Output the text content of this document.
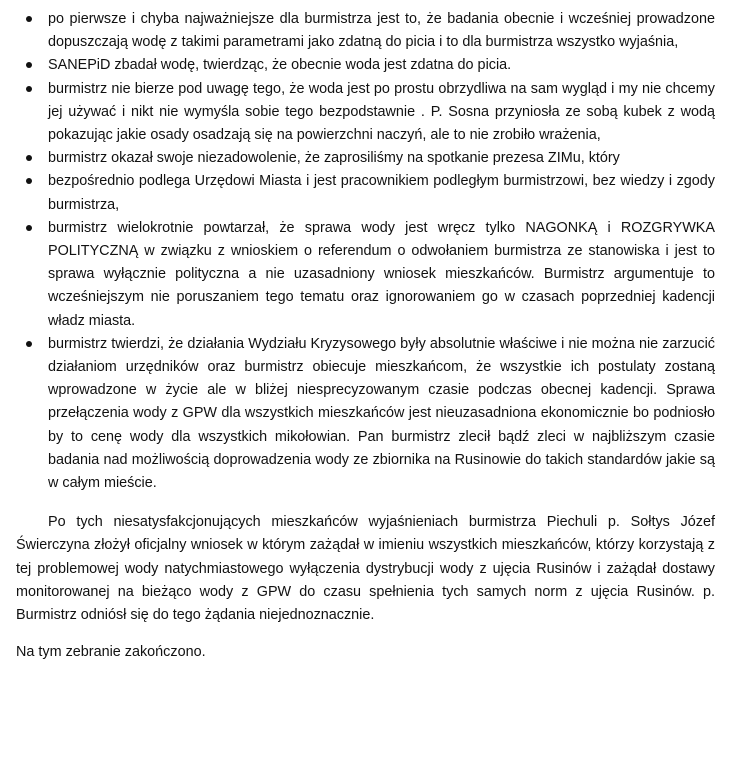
po pierwsze i chyba najważniejsze dla burmistrza jest to, że badania obecnie i wcześniej prowadzone dopuszczają wodę z takimi parametrami jako zdatną do picia i to dla burmistrza wszystko wyjaśnia,
SANEPiD zbadał wodę, twierdząc, że obecnie woda jest zdatna do picia.
burmistrz nie bierze pod uwagę tego, że woda jest po prostu obrzydliwa na sam wygląd i my nie chcemy jej używać i nikt nie wymyśla sobie tego bezpodstawnie . P. Sosna przyniosła ze sobą kubek z wodą pokazując jakie osady osadzają się na powierzchni naczyń, ale to nie zrobiło wrażenia,
burmistrz okazał swoje niezadowolenie, że zaprosiliśmy na spotkanie prezesa ZIMu, który
bezpośrednio podlega Urzędowi Miasta i jest pracownikiem podległym burmistrzowi, bez wiedzy i zgody burmistrza,
burmistrz wielokrotnie powtarzał, że sprawa wody jest wręcz tylko NAGONKĄ i ROZGRYWKA POLITYCZNĄ w związku z wnioskiem o referendum o odwołaniem burmistrza ze stanowiska i jest to sprawa wyłącznie polityczna a nie uzasadniony wniosek mieszkańców. Burmistrz argumentuje to wcześniejszym nie poruszaniem tego tematu oraz ignorowaniem go w czasach poprzedniej kadencji władz miasta.
burmistrz twierdzi, że działania Wydziału Kryzysowego były absolutnie właściwe i nie można nie zarzucić działaniom urzędników oraz burmistrz obiecuje mieszkańcom, że wszystkie ich postulaty zostaną wprowadzone w życie ale w bliżej niesprecyzowanym czasie podczas obecnej kadencji. Sprawa przełączenia wody z GPW dla wszystkich mieszkańców jest nieuzasadniona ekonomicznie bo podniosło by to cenę wody dla wszystkich mikołowian. Pan burmistrz zlecił bądź zleci w najbliższym czasie badania nad możliwością doprowadzenia wody ze zbiornika na Rusinowie do takich standardów jakie są w całym mieście.

Po tych niesatysfakcjonujących mieszkańców wyjaśnieniach burmistrza Piechuli p. Sołtys Józef Świerczyna złożył oficjalny wniosek w którym zażądał w imieniu wszystkich mieszkańców, którzy korzystają z tej problemowej wody natychmiastowego wyłączenia dystrybucji wody z ujęcia Rusinów i zażądał dostawy monitorowanej na bieżąco wody z GPW do czasu spełnienia tych samych norm z ujęcia Rusinów. p. Burmistrz odniósł się do tego żądania niejednoznacznie.

Na tym zebranie zakończono.
